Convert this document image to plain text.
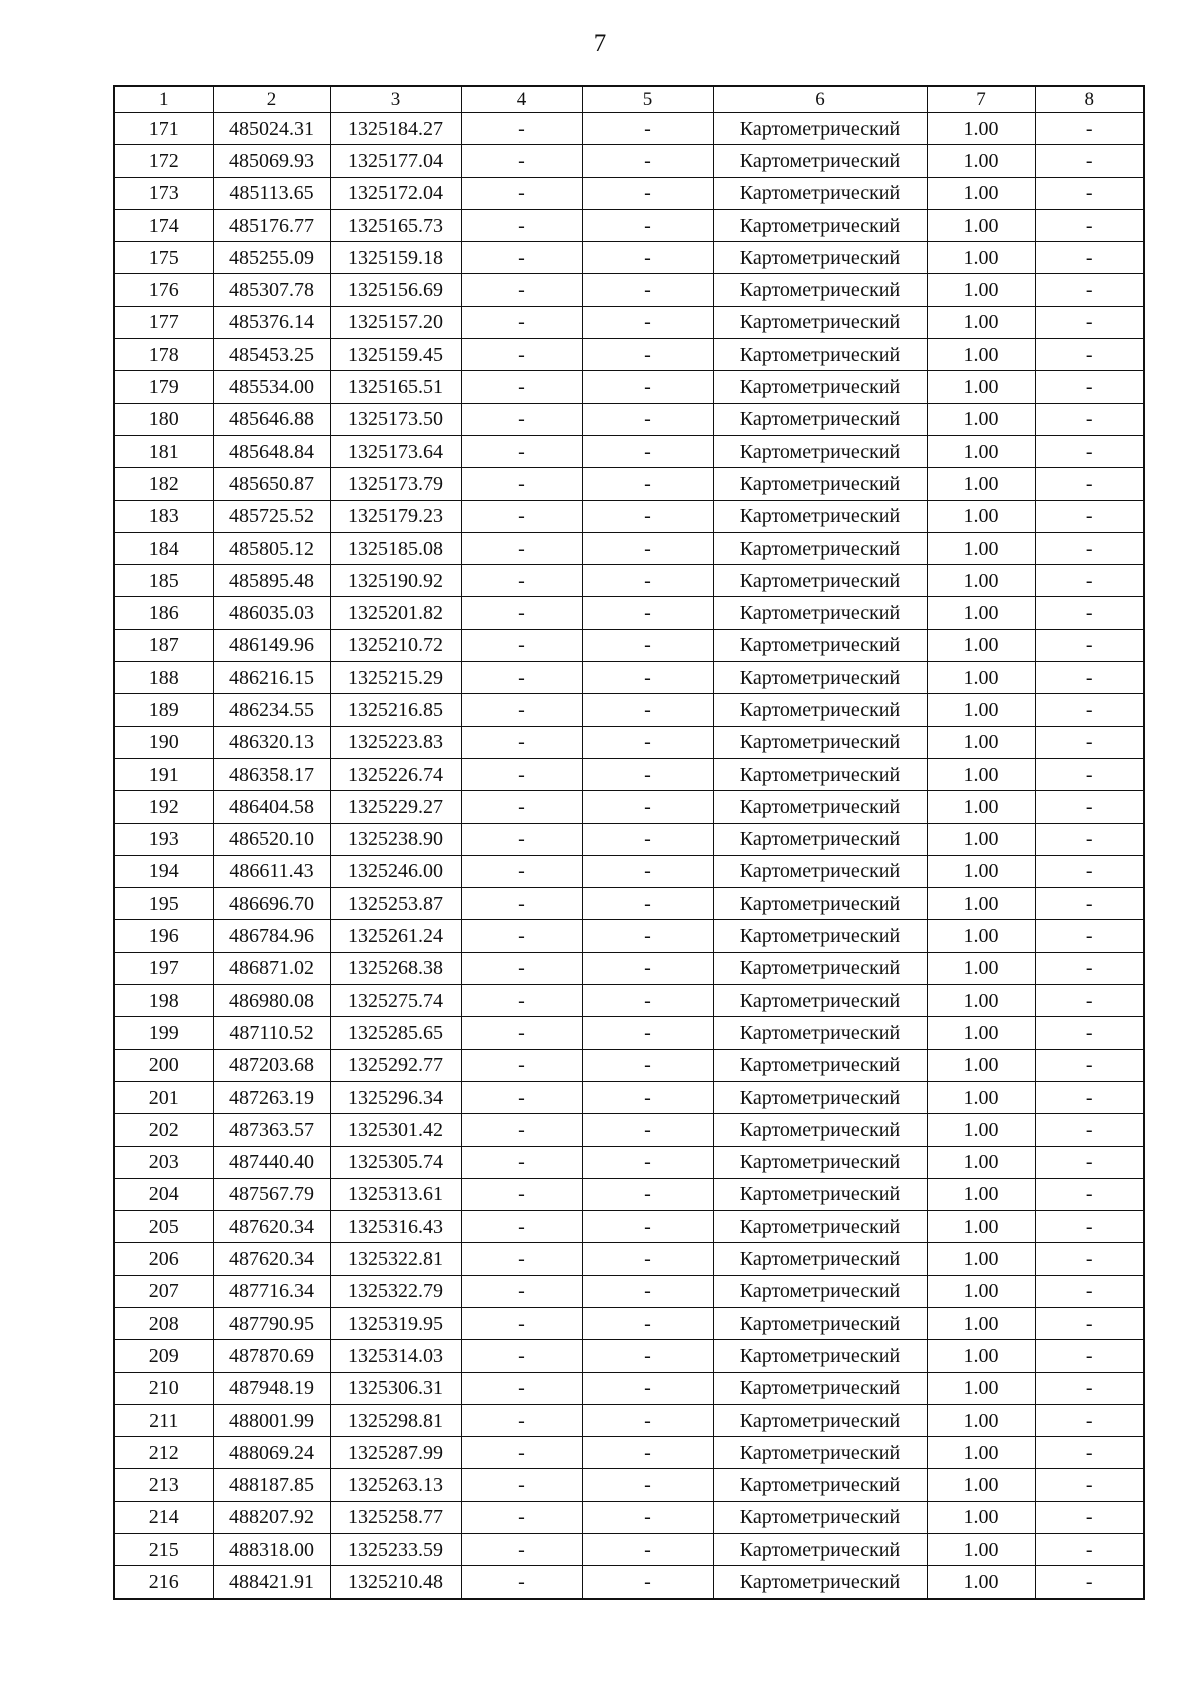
7
1	2	3	4	5	6	7	8
171	485024.31	1325184.27	-	-	Картометрический	1.00	-
172	485069.93	1325177.04	-	-	Картометрический	1.00	-
173	485113.65	1325172.04	-	-	Картометрический	1.00	-
174	485176.77	1325165.73	-	-	Картометрический	1.00	-
175	485255.09	1325159.18	-	-	Картометрический	1.00	-
176	485307.78	1325156.69	-	-	Картометрический	1.00	-
177	485376.14	1325157.20	-	-	Картометрический	1.00	-
178	485453.25	1325159.45	-	-	Картометрический	1.00	-
179	485534.00	1325165.51	-	-	Картометрический	1.00	-
180	485646.88	1325173.50	-	-	Картометрический	1.00	-
181	485648.84	1325173.64	-	-	Картометрический	1.00	-
182	485650.87	1325173.79	-	-	Картометрический	1.00	-
183	485725.52	1325179.23	-	-	Картометрический	1.00	-
184	485805.12	1325185.08	-	-	Картометрический	1.00	-
185	485895.48	1325190.92	-	-	Картометрический	1.00	-
186	486035.03	1325201.82	-	-	Картометрический	1.00	-
187	486149.96	1325210.72	-	-	Картометрический	1.00	-
188	486216.15	1325215.29	-	-	Картометрический	1.00	-
189	486234.55	1325216.85	-	-	Картометрический	1.00	-
190	486320.13	1325223.83	-	-	Картометрический	1.00	-
191	486358.17	1325226.74	-	-	Картометрический	1.00	-
192	486404.58	1325229.27	-	-	Картометрический	1.00	-
193	486520.10	1325238.90	-	-	Картометрический	1.00	-
194	486611.43	1325246.00	-	-	Картометрический	1.00	-
195	486696.70	1325253.87	-	-	Картометрический	1.00	-
196	486784.96	1325261.24	-	-	Картометрический	1.00	-
197	486871.02	1325268.38	-	-	Картометрический	1.00	-
198	486980.08	1325275.74	-	-	Картометрический	1.00	-
199	487110.52	1325285.65	-	-	Картометрический	1.00	-
200	487203.68	1325292.77	-	-	Картометрический	1.00	-
201	487263.19	1325296.34	-	-	Картометрический	1.00	-
202	487363.57	1325301.42	-	-	Картометрический	1.00	-
203	487440.40	1325305.74	-	-	Картометрический	1.00	-
204	487567.79	1325313.61	-	-	Картометрический	1.00	-
205	487620.34	1325316.43	-	-	Картометрический	1.00	-
206	487620.34	1325322.81	-	-	Картометрический	1.00	-
207	487716.34	1325322.79	-	-	Картометрический	1.00	-
208	487790.95	1325319.95	-	-	Картометрический	1.00	-
209	487870.69	1325314.03	-	-	Картометрический	1.00	-
210	487948.19	1325306.31	-	-	Картометрический	1.00	-
211	488001.99	1325298.81	-	-	Картометрический	1.00	-
212	488069.24	1325287.99	-	-	Картометрический	1.00	-
213	488187.85	1325263.13	-	-	Картометрический	1.00	-
214	488207.92	1325258.77	-	-	Картометрический	1.00	-
215	488318.00	1325233.59	-	-	Картометрический	1.00	-
216	488421.91	1325210.48	-	-	Картометрический	1.00	-
